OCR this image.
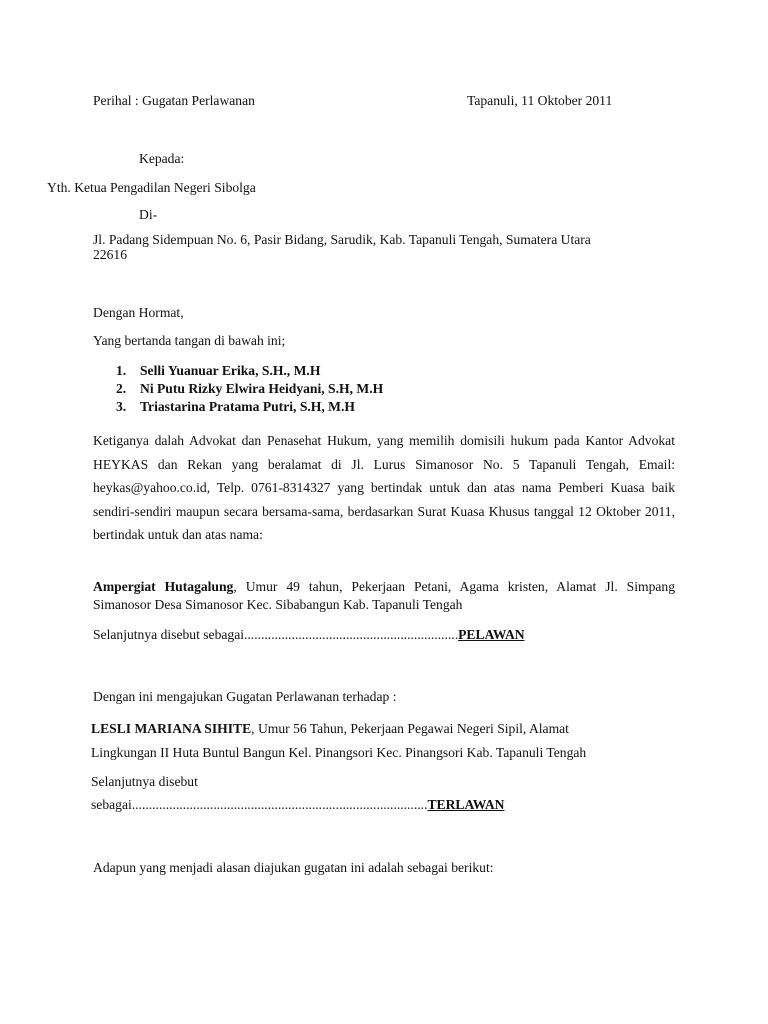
Perihal : Gugatan Perlawanan	Tapanuli, 11 Oktober 2011
Kepada:
Yth. Ketua Pengadilan Negeri Sibolga
Di-
Jl. Padang Sidempuan No. 6, Pasir Bidang, Sarudik, Kab. Tapanuli Tengah, Sumatera Utara
22616
Dengan Hormat,
Yang bertanda tangan di bawah ini;
1.	Selli Yuanuar Erika, S.H., M.H
2.	Ni Putu Rizky Elwira Heidyani, S.H, M.H
3.	Triastarina Pratama Putri, S.H, M.H
Ketiganya dalah Advokat dan Penasehat Hukum, yang memilih domisili hukum pada Kantor Advokat HEYKAS dan Rekan yang beralamat di Jl. Lurus Simanosor No. 5 Tapanuli Tengah, Email: heykas@yahoo.co.id, Telp. 0761-8314327 yang bertindak untuk dan atas nama Pemberi Kuasa baik sendiri-sendiri maupun secara bersama-sama, berdasarkan Surat Kuasa Khusus tanggal 12 Oktober 2011, bertindak untuk dan atas nama:
Ampergiat Hutagalung, Umur 49 tahun, Pekerjaan Petani, Agama kristen, Alamat Jl. Simpang Simanosor Desa Simanosor Kec. Sibabangun Kab. Tapanuli Tengah
Selanjutnya disebut sebagai...............................................................PELAWAN
Dengan ini mengajukan Gugatan Perlawanan terhadap :
LESLI MARIANA SIHITE, Umur 56 Tahun, Pekerjaan Pegawai Negeri Sipil, Alamat
Lingkungan II Huta Buntul Bangun Kel. Pinangsori Kec. Pinangsori Kab. Tapanuli Tengah
Selanjutnya disebut
sebagai.......................................................................................TERLAWAN
Adapun yang menjadi alasan diajukan gugatan ini adalah sebagai berikut:
